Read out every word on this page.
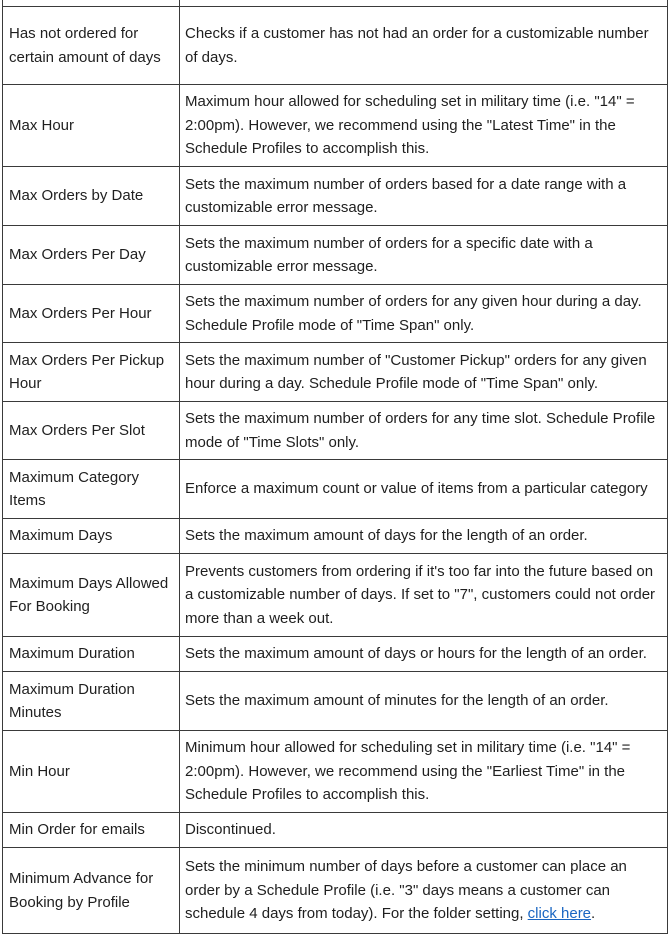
Has not ordered for certain amount of days	Checks if a customer has not had an order for a customizable number of days.
Max Hour	Maximum hour allowed for scheduling set in military time (i.e. "14" = 2:00pm). However, we recommend using the "Latest Time" in the Schedule Profiles to accomplish this.
Max Orders by Date	Sets the maximum number of orders based for a date range with a customizable error message.
Max Orders Per Day	Sets the maximum number of orders for a specific date with a customizable error message.
Max Orders Per Hour	Sets the maximum number of orders for any given hour during a day. Schedule Profile mode of "Time Span" only.
Max Orders Per Pickup Hour	Sets the maximum number of "Customer Pickup" orders for any given hour during a day. Schedule Profile mode of "Time Span" only.
Max Orders Per Slot	Sets the maximum number of orders for any time slot. Schedule Profile mode of "Time Slots" only.
Maximum Category Items	Enforce a maximum count or value of items from a particular category
Maximum Days	Sets the maximum amount of days for the length of an order.
Maximum Days Allowed For Booking	Prevents customers from ordering if it's too far into the future based on a customizable number of days. If set to "7", customers could not order more than a week out.
Maximum Duration	Sets the maximum amount of days or hours for the length of an order.
Maximum Duration Minutes	Sets the maximum amount of minutes for the length of an order.
Min Hour	Minimum hour allowed for scheduling set in military time (i.e. "14" = 2:00pm). However, we recommend using the "Earliest Time" in the Schedule Profiles to accomplish this.
Min Order for emails	Discontinued.
Minimum Advance for Booking by Profile	Sets the minimum number of days before a customer can place an order by a Schedule Profile (i.e. "3" days means a customer can schedule 4 days from today). For the folder setting, click here.
